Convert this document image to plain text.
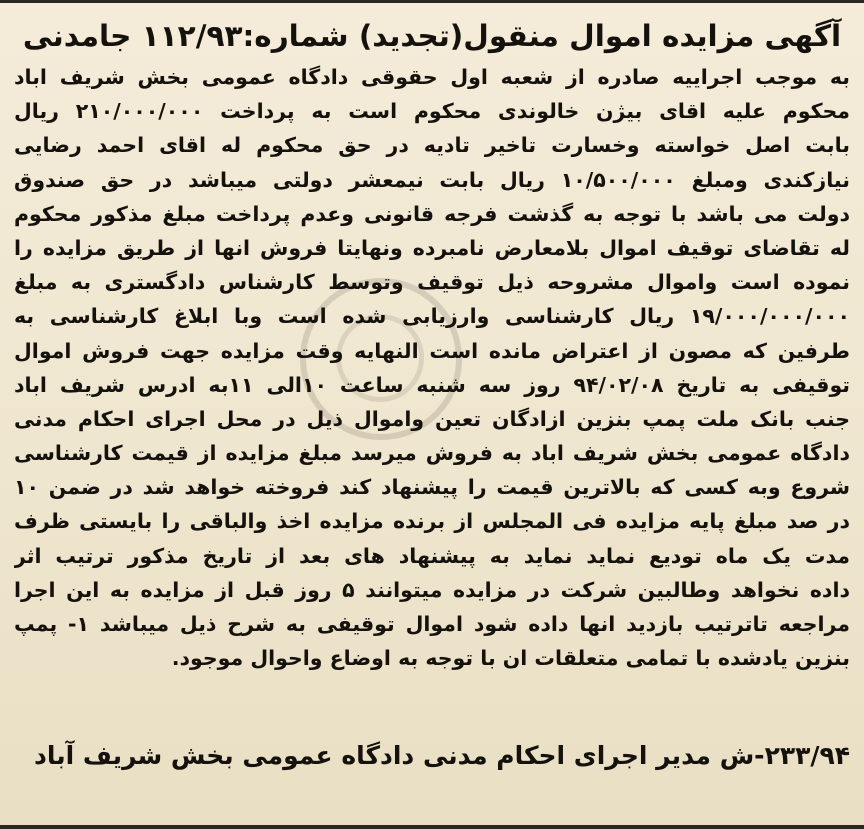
آگهی مزایده اموال منقول(تجدید) شماره:۱۱۲/۹۳ جامدنی
به موجب اجراییه صادره از شعبه اول حقوقی دادگاه عمومی بخش شریف اباد
محکوم علیه اقای بیژن خالوندی محکوم است به پرداخت ۲۱۰/۰۰۰/۰۰۰ ریال
بابت اصل خواسته وخسارت تاخیر تادیه در حق محکوم له اقای احمد رضایی
نیازکندی ومبلغ ۱۰/۵۰۰/۰۰۰ ریال بابت نیمعشر دولتی میباشد در حق صندوق
دولت می باشد با توجه به گذشت فرجه قانونی وعدم پرداخت مبلغ مذکور محکوم
له تقاضای توقیف اموال بلامعارض نامبرده ونهایتا فروش انها از طریق مزایده را
نموده است واموال مشروحه ذیل توقیف وتوسط کارشناس دادگستری به مبلغ
۱۹/۰۰۰/۰۰۰/۰۰۰ ریال کارشناسی وارزیابی شده است وبا ابلاغ کارشناسی به
طرفین که مصون از اعتراض مانده است النهایه وقت مزایده جهت فروش اموال
توقیفی به تاریخ ۹۴/۰۲/۰۸ روز سه شنبه ساعت ۱۰الی ۱۱به ادرس شریف اباد
جنب بانک ملت پمپ بنزین ازادگان تعین واموال ذیل در محل اجرای احکام مدنی
دادگاه عمومی بخش شریف اباد به فروش میرسد مبلغ مزایده از قیمت کارشناسی
شروع وبه کسی که بالاترین قیمت را پیشنهاد کند فروخته خواهد شد در ضمن ۱۰
در صد مبلغ پایه مزایده فی المجلس از برنده مزایده اخذ والباقی را بایستی ظرف
مدت یک ماه تودیع نماید نماید به پیشنهاد های بعد از تاریخ مذکور ترتیب اثر
داده نخواهد وطالبین شرکت در مزایده میتوانند ۵ روز قبل از مزایده به این اجرا
مراجعه تاترتیب بازدید انها داده شود اموال توقیفی به شرح ذیل میباشد ۱- پمپ
بنزین یادشده با تمامی متعلقات ان با توجه به اوضاع واحوال موجود.
۲۳۳/۹۴-ش مدیر اجرای احکام مدنی دادگاه عمومی بخش شریف آباد
